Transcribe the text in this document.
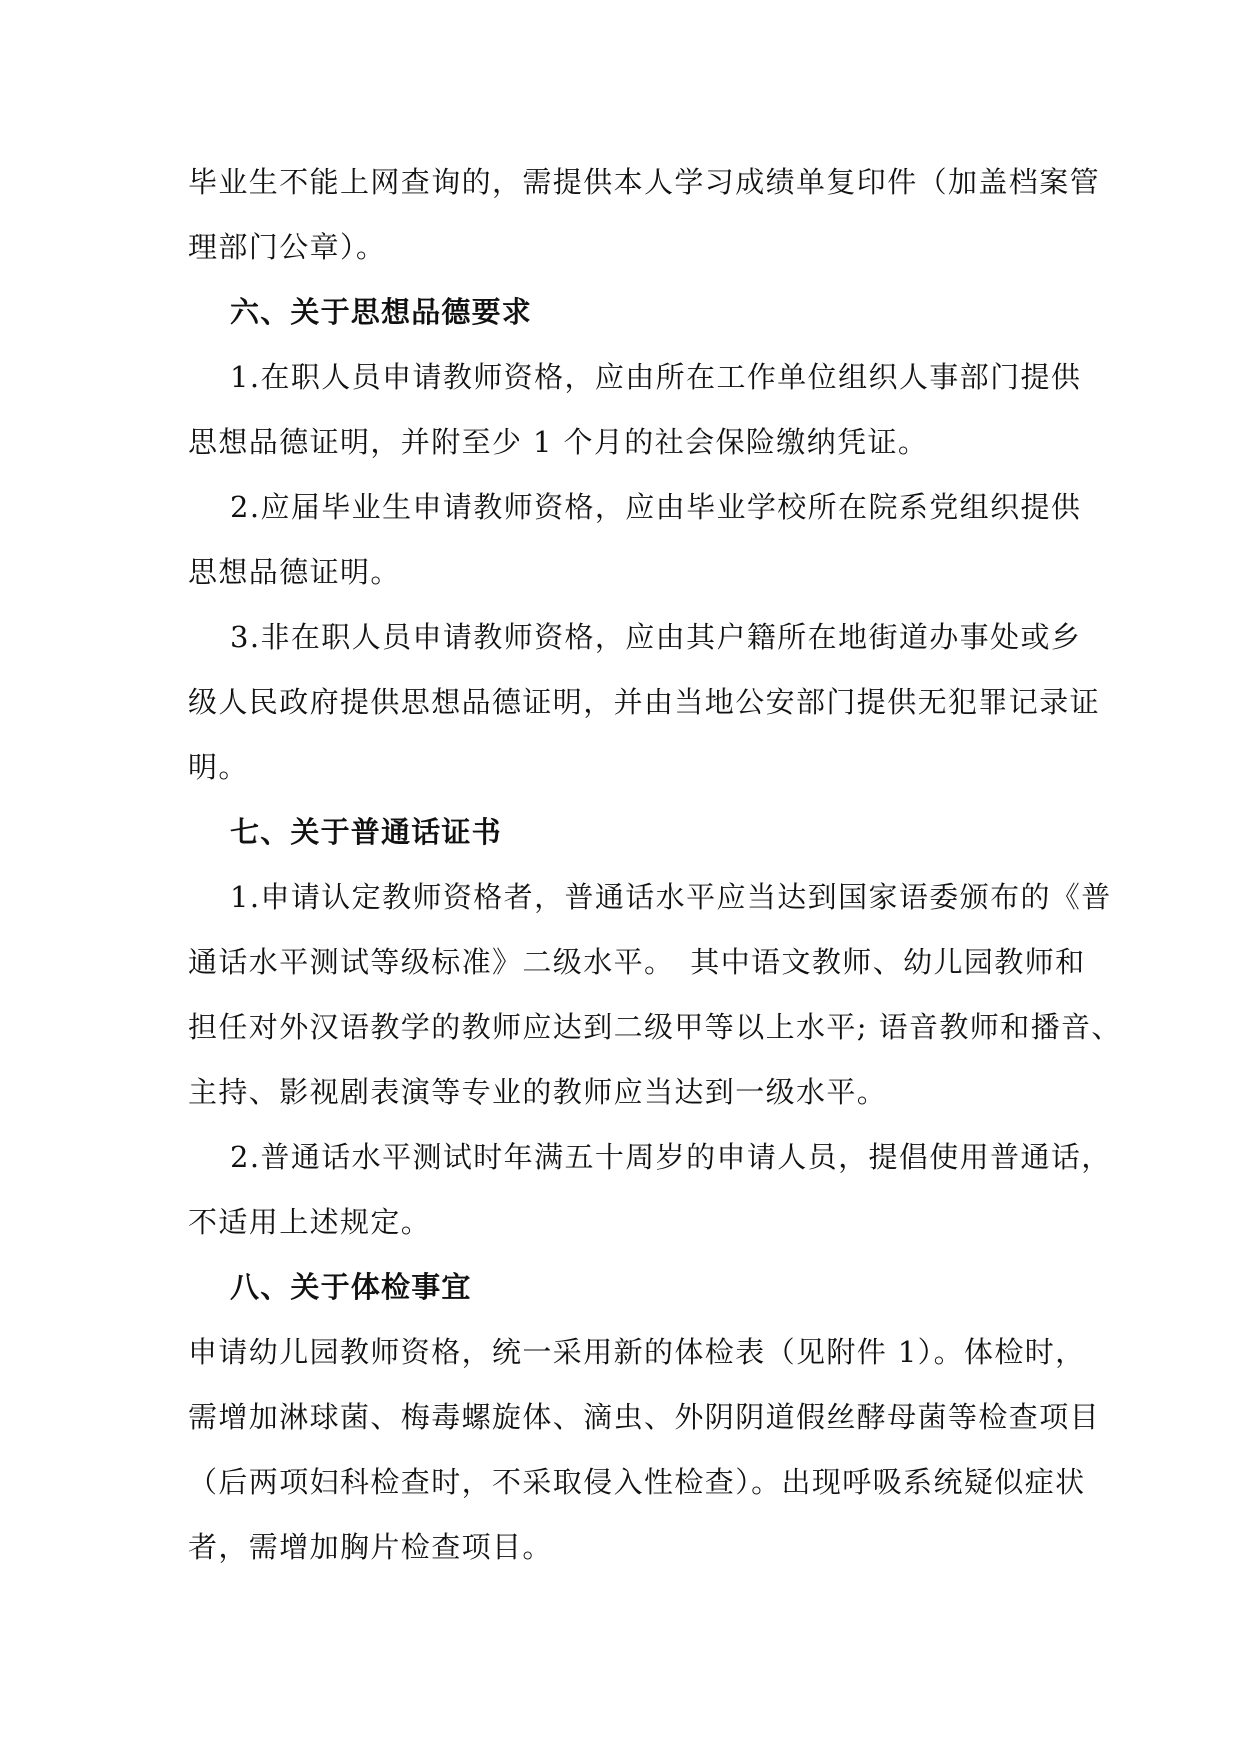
毕业生不能上网查询的，需提供本人学习成绩单复印件（加盖档案管
理部门公章）。
六、关于思想品德要求
1.在职人员申请教师资格，应由所在工作单位组织人事部门提供
思想品德证明，并附至少 1 个月的社会保险缴纳凭证。
2.应届毕业生申请教师资格，应由毕业学校所在院系党组织提供
思想品德证明。
3.非在职人员申请教师资格，应由其户籍所在地街道办事处或乡
级人民政府提供思想品德证明，并由当地公安部门提供无犯罪记录证
明。
七、关于普通话证书
1.申请认定教师资格者，普通话水平应当达到国家语委颁布的《普
通话水平测试等级标准》二级水平。　其中语文教师、幼儿园教师和
担任对外汉语教学的教师应达到二级甲等以上水平; 语音教师和播音、
主持、影视剧表演等专业的教师应当达到一级水平。
2.普通话水平测试时年满五十周岁的申请人员，提倡使用普通话，
不适用上述规定。
八、关于体检事宜
申请幼儿园教师资格，统一采用新的体检表（见附件 1）。体检时，
需增加淋球菌、梅毒螺旋体、滴虫、外阴阴道假丝酵母菌等检查项目
（后两项妇科检查时，不采取侵入性检查）。出现呼吸系统疑似症状
者，需增加胸片检查项目。
